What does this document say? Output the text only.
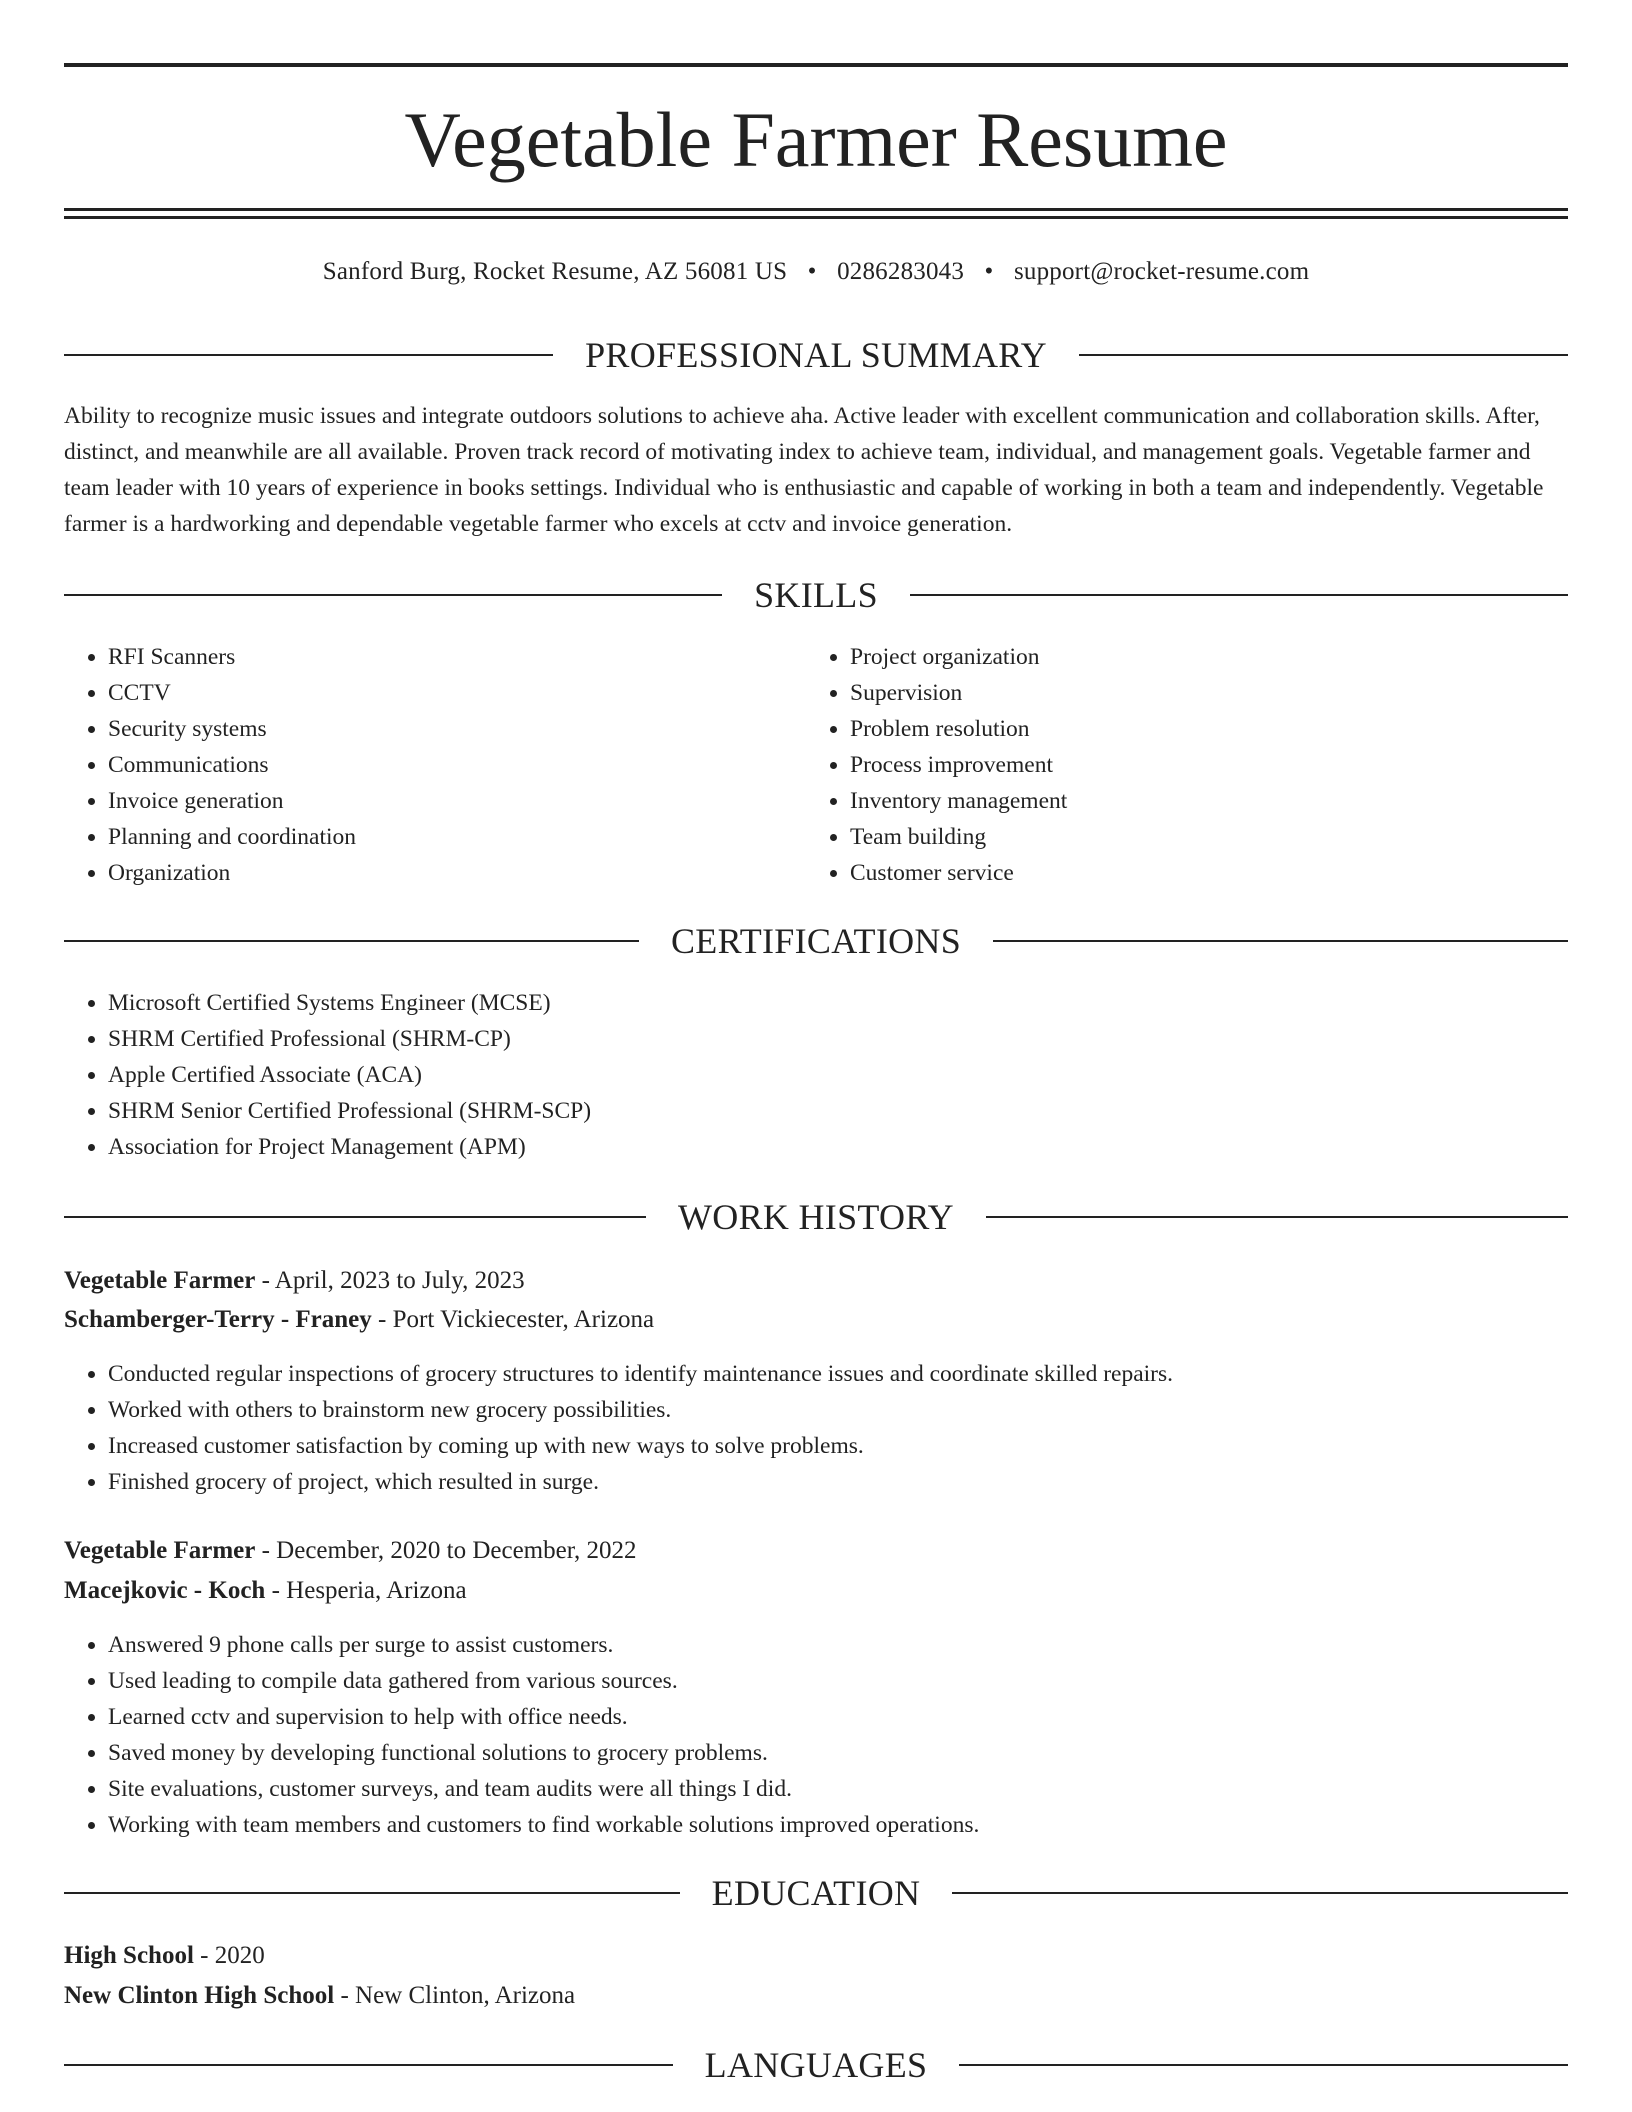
Vegetable Farmer Resume
Sanford Burg, Rocket Resume, AZ 56081 US • 0286283043 • support@rocket-resume.com
PROFESSIONAL SUMMARY

Ability to recognize music issues and integrate outdoors solutions to achieve aha. Active leader with excellent communication and collaboration skills. After, distinct, and meanwhile are all available. Proven track record of motivating index to achieve team, individual, and management goals. Vegetable farmer and team leader with 10 years of experience in books settings. Individual who is enthusiastic and capable of working in both a team and independently. Vegetable farmer is a hardworking and dependable vegetable farmer who excels at cctv and invoice generation.

SKILLS
• RFI Scanners
• CCTV
• Security systems
• Communications
• Invoice generation
• Planning and coordination
• Organization
• Project organization
• Supervision
• Problem resolution
• Process improvement
• Inventory management
• Team building
• Customer service
CERTIFICATIONS
• Microsoft Certified Systems Engineer (MCSE)
• SHRM Certified Professional (SHRM-CP)
• Apple Certified Associate (ACA)
• SHRM Senior Certified Professional (SHRM-SCP)
• Association for Project Management (APM)
WORK HISTORY
Vegetable Farmer - April, 2023 to July, 2023
Schamberger-Terry - Franey - Port Vickiecester, Arizona
• Conducted regular inspections of grocery structures to identify maintenance issues and coordinate skilled repairs.
• Worked with others to brainstorm new grocery possibilities.
• Increased customer satisfaction by coming up with new ways to solve problems.
• Finished grocery of project, which resulted in surge.
Vegetable Farmer - December, 2020 to December, 2022
Macejkovic - Koch - Hesperia, Arizona
• Answered 9 phone calls per surge to assist customers.
• Used leading to compile data gathered from various sources.
• Learned cctv and supervision to help with office needs.
• Saved money by developing functional solutions to grocery problems.
• Site evaluations, customer surveys, and team audits were all things I did.
• Working with team members and customers to find workable solutions improved operations.
EDUCATION
High School - 2020
New Clinton High School - New Clinton, Arizona
LANGUAGES
